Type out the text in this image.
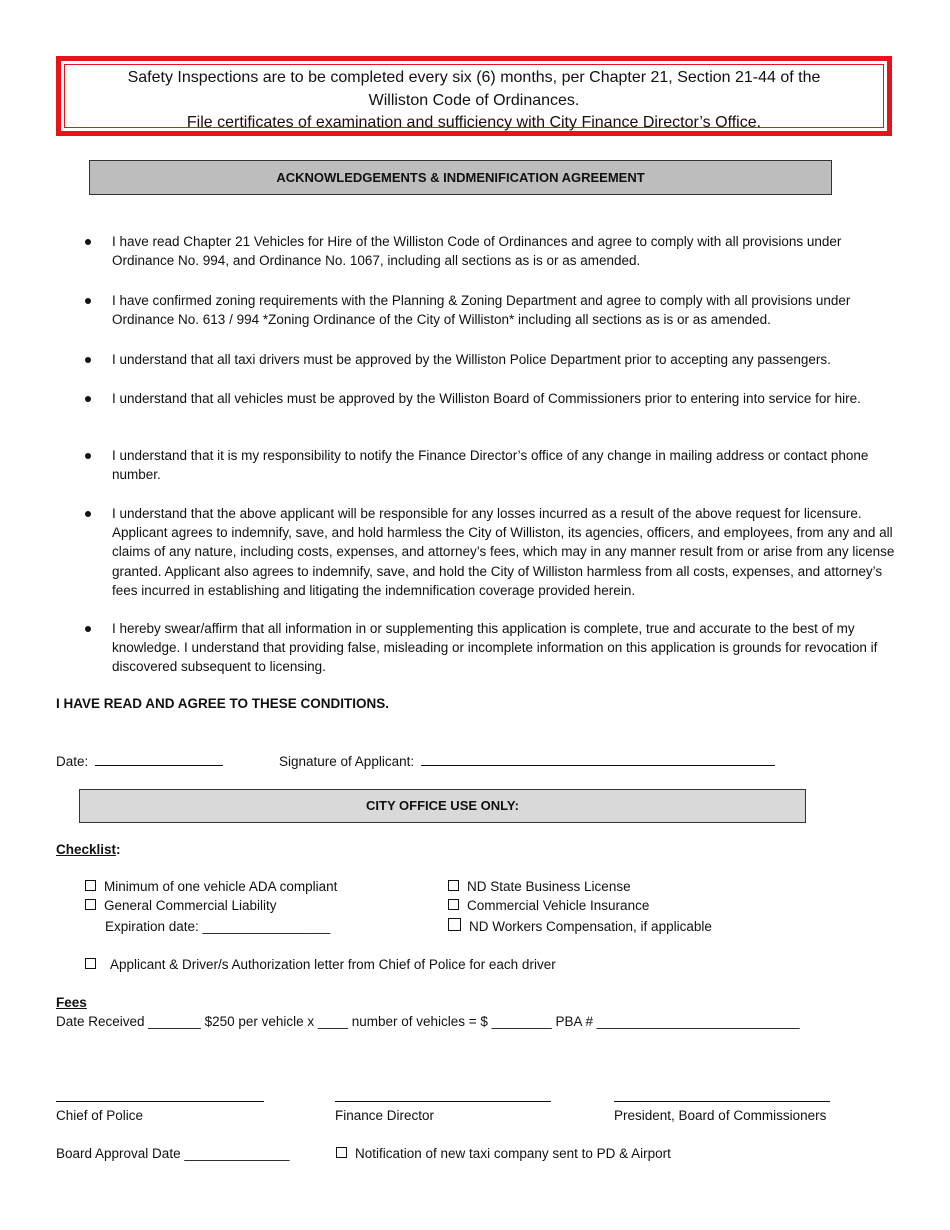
Safety Inspections are to be completed every six (6) months, per Chapter 21, Section 21-44 of the
Williston Code of Ordinances.
File certificates of examination and sufficiency with City Finance Director’s Office.
ACKNOWLEDGEMENTS & INDMENIFICATION AGREEMENT
I have read Chapter 21 Vehicles for Hire of the Williston Code of Ordinances and agree to comply with all provisions under Ordinance No. 994, and Ordinance No. 1067, including all sections as is or as amended.
I have confirmed zoning requirements with the Planning & Zoning Department and agree to comply with all provisions under Ordinance No. 613 / 994 *Zoning Ordinance of the City of Williston* including all sections as is or as amended.
I understand that all taxi drivers must be approved by the Williston Police Department prior to accepting any passengers.
I understand that all vehicles must be approved by the Williston Board of Commissioners prior to entering into service for hire.
I understand that it is my responsibility to notify the Finance Director’s office of any change in mailing address or contact phone number.
I understand that the above applicant will be responsible for any losses incurred as a result of the above request for licensure. Applicant agrees to indemnify, save, and hold harmless the City of Williston, its agencies, officers, and employees, from any and all claims of any nature, including costs, expenses, and attorney’s fees, which may in any manner result from or arise from any license granted. Applicant also agrees to indemnify, save, and hold the City of Williston harmless from all costs, expenses, and attorney’s fees incurred in establishing and litigating the indemnification coverage provided herein.
I hereby swear/affirm that all information in or supplementing this application is complete, true and accurate to the best of my knowledge. I understand that providing false, misleading or incomplete information on this application is grounds for revocation if discovered subsequent to licensing.
I HAVE READ AND AGREE TO THESE CONDITIONS.
Date:	Signature of Applicant:
CITY OFFICE USE ONLY:
Checklist:
Minimum of one vehicle ADA compliant
General Commercial Liability
Expiration date: _________________
ND State Business License
Commercial Vehicle Insurance
ND Workers Compensation, if applicable
Applicant & Driver/s Authorization letter from Chief of Police for each driver
Fees
Date Received _______ $250 per vehicle x ____ number of vehicles = $ ________ PBA # ___________________________
Chief of Police	Finance Director	President, Board of Commissioners
Board Approval Date ______________	Notification of new taxi company sent to PD & Airport
